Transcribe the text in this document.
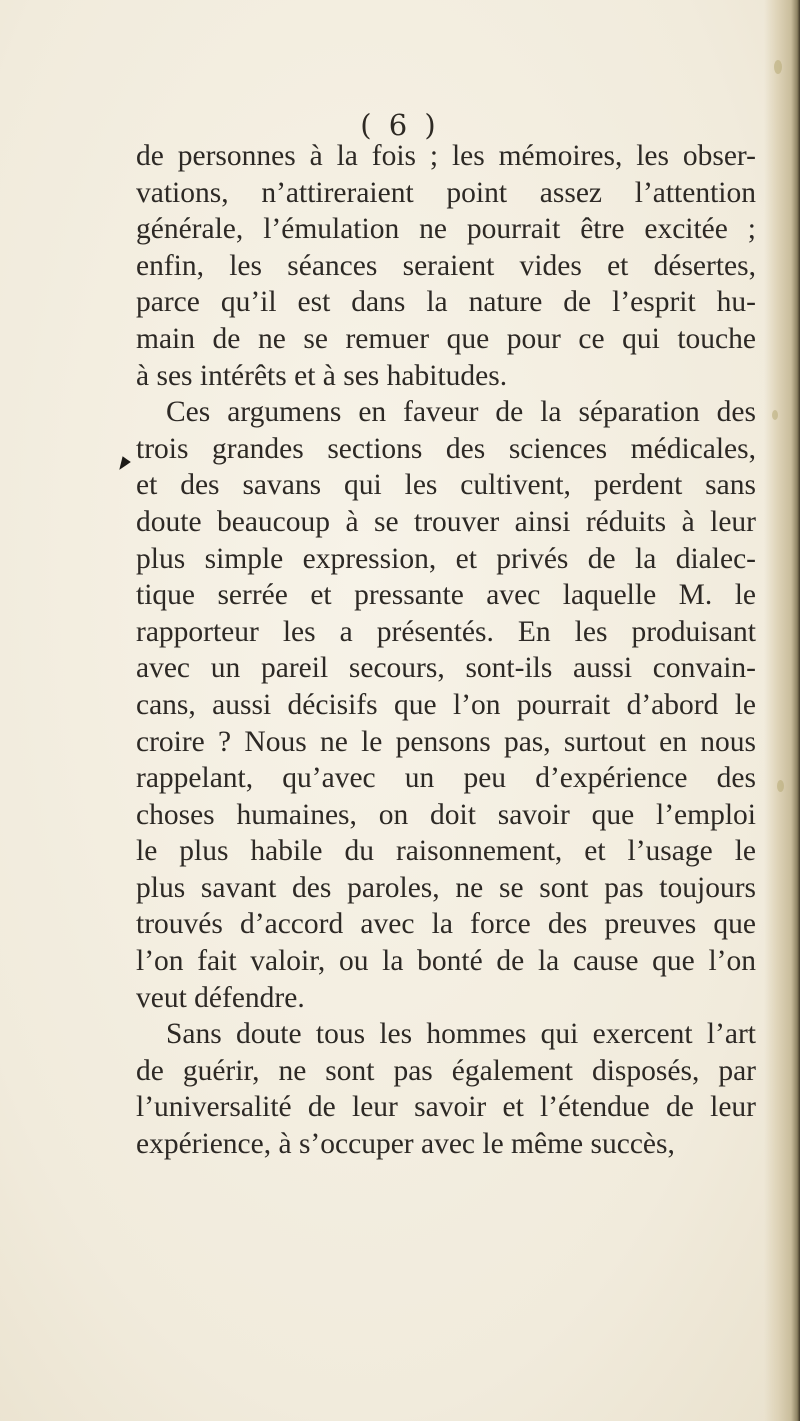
( 6 )
de personnes à la fois ; les mémoires, les obser-
vations, n’attireraient point assez l’attention
générale, l’émulation ne pourrait être excitée ;
enfin, les séances seraient vides et désertes,
parce qu’il est dans la nature de l’esprit hu-
main de ne se remuer que pour ce qui touche
à ses intérêts et à ses habitudes.
Ces argumens en faveur de la séparation des
trois grandes sections des sciences médicales,
et des savans qui les cultivent, perdent sans
doute beaucoup à se trouver ainsi réduits à leur
plus simple expression, et privés de la dialec-
tique serrée et pressante avec laquelle M. le
rapporteur les a présentés. En les produisant
avec un pareil secours, sont-ils aussi convain-
cans, aussi décisifs que l’on pourrait d’abord le
croire ? Nous ne le pensons pas, surtout en nous
rappelant, qu’avec un peu d’expérience des
choses humaines, on doit savoir que l’emploi
le plus habile du raisonnement, et l’usage le
plus savant des paroles, ne se sont pas toujours
trouvés d’accord avec la force des preuves que
l’on fait valoir, ou la bonté de la cause que l’on
veut défendre.
Sans doute tous les hommes qui exercent l’art
de guérir, ne sont pas également disposés, par
l’universalité de leur savoir et l’étendue de leur
expérience, à s’occuper avec le même succès,
